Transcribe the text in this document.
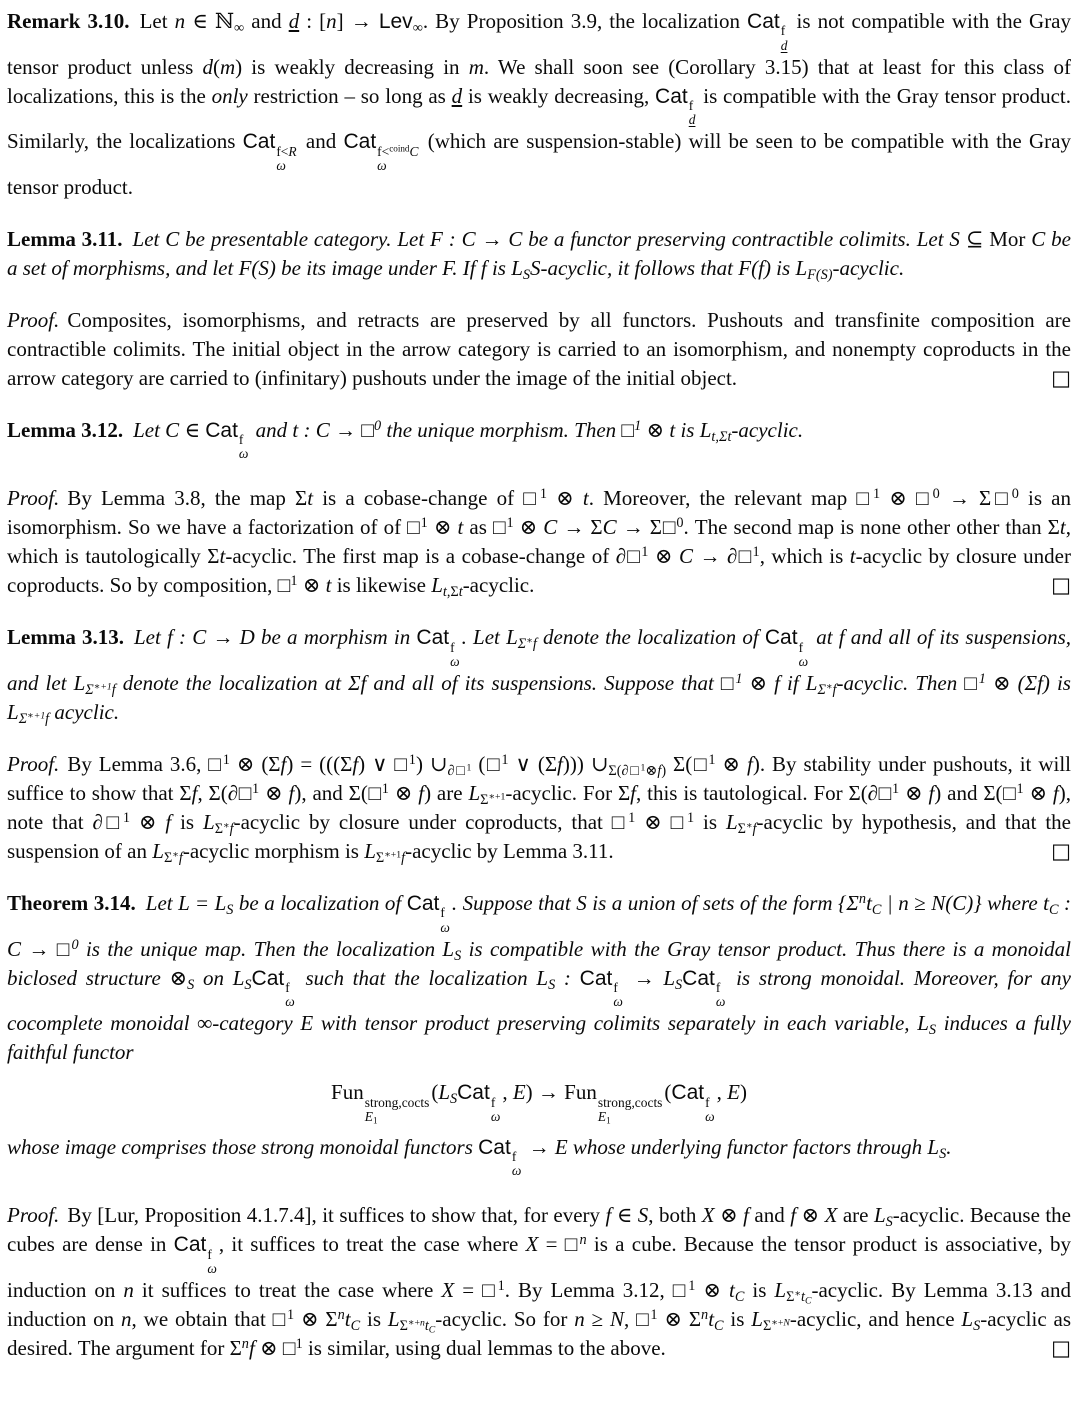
Remark 3.10. Let n ∈ ℕ$_\infty$ and d : [n] → Lev$_\infty$. By Proposition 3.9, the localization Cat f
d
is not compatible with the Gray tensor product unless d(m) is weakly decreasing in m. We shall soon see (Corollary 3.15) that at least for this class of localizations, this is the only restriction – so long as d is weakly decreasing, Cat f
d
is compatible with the Gray tensor product. Similarly, the localizations Cat f<R
ω
and Cat f<$^{coind}$C
ω
(which are suspension-stable) will be seen to be compatible with the Gray tensor product.

Lemma 3.11. Let C be presentable category. Let F : C → C be a functor preserving contractible colimits. Let S ⊆ Mor C be a set of morphisms, and let F(S) be its image under F. If f is $L_SS$-acyclic, it follows that F(f) is $L_{F(S)}$-acyclic.

Proof. Composites, isomorphisms, and retracts are preserved by all functors. Pushouts and transfinite composition are contractible colimits. The initial object in the arrow category is carried to an isomorphism, and nonempty coproducts in the arrow category are carried to (infinitary) pushouts under the image of the initial object.	□

Lemma 3.12. Let C ∈ Cat f
ω
and t : C → □$^0$ the unique morphism. Then □$^1$ ⊗ t is $L_{t,\Sigma t}$-acyclic.

Proof. By Lemma 3.8, the map Σt is a cobase-change of □$^1$ ⊗ t. Moreover, the relevant map □$^1$ ⊗ □$^0$ → Σ□$^0$ is an isomorphism. So we have a factorization of of □$^1$ ⊗ t as □$^1$ ⊗ C → ΣC → Σ□$^0$. The second map is none other other than Σt, which is tautologically Σt-acyclic. The first map is a cobase-change of ∂□$^1$ ⊗ C → ∂□$^1$, which is t-acyclic by closure under coproducts. So by composition, □$^1$ ⊗ t is likewise $L_{t,\Sigma t}$-acyclic.	□

Lemma 3.13. Let f : C → D be a morphism in Cat f
ω
. Let $L_{\Sigma^∗f}$ denote the localization of Cat f
ω
at f and all of its suspensions, and let $L_{\Sigma^{∗+1}f}$ denote the localization at Σf and all of its suspensions. Suppose that □$^1$ ⊗ f if $L_{\Sigma^∗f}$-acyclic. Then □$^1$ ⊗ (Σf) is $L_{\Sigma^{∗+1}f}$ acyclic.

Proof. By Lemma 3.6, □$^1$ ⊗ (Σf) = (((Σf) ∨ □$^1$) $\cup_{\partial□^1}$ (□$^1$ ∨ (Σf))) $\cup_{\Sigma(\partial□^1\otimes f)}$ Σ(□$^1$ ⊗ f). By stability under pushouts, it will suffice to show that Σf, Σ(∂□$^1$ ⊗ f), and Σ(□$^1$ ⊗ f) are $L_{\Sigma^{∗+1}}$-acyclic. For Σf, this is tautological. For Σ(∂□$^1$ ⊗ f) and Σ(□$^1$ ⊗ f), note that ∂□$^1$ ⊗ f is $L_{\Sigma^∗f}$-acyclic by closure under coproducts, that □$^1$ ⊗ □$^1$ is $L_{\Sigma^∗f}$-acyclic by hypothesis, and that the suspension of an $L_{\Sigma^∗f}$-acyclic morphism is $L_{\Sigma^{∗+1}f}$-acyclic by Lemma 3.11.	□

Theorem 3.14. Let $L = L_S$ be a localization of Cat f
ω
. Suppose that S is a union of sets of the form {$\Sigma^nt_C$ | n ≥ N(C)} where $t_C$ : C → □$^0$ is the unique map. Then the localization $L_S$ is compatible with the Gray tensor product. Thus there is a monoidal biclosed structure $\otimes_S$ on $L_SCat$ f
ω
such that the localization $L_S$ : Cat f
ω
→ $L_SCat$ f
ω
is strong monoidal. Moreover, for any cocomplete monoidal ∞-category E with tensor product preserving colimits separately in each variable, $L_S$ induces a fully faithful functor

Fun strong,cocts
$E_1$
($L_SCat$ f
ω
, E) → Fun strong,cocts
$E_1$
(Cat f
ω
, E)

whose image comprises those strong monoidal functors Cat f
ω
→ E whose underlying functor factors through $L_S$.

Proof. By [Lur, Proposition 4.1.7.4], it suffices to show that, for every f ∈ S, both X ⊗ f and f ⊗ X are $L_S$-acyclic. Because the cubes are dense in Cat f
ω
, it suffices to treat the case where X = □$^n$ is a cube. Because the tensor product is associative, by induction on n it suffices to treat the case where X = □$^1$. By Lemma 3.12, □$^1$ ⊗ $t_C$ is $L_{\Sigma^∗t_C}$-acyclic. By Lemma 3.13 and induction on n, we obtain that □$^1$ ⊗ $\Sigma^nt_C$ is $L_{\Sigma^{∗+n}t_C}$-acyclic. So for n ≥ N, □$^1$ ⊗ $\Sigma^nt_C$ is $L_{\Sigma^{∗+N}}$-acyclic, and hence $L_S$-acyclic as desired. The argument for $\Sigma^nf$ ⊗ □$^1$ is similar, using dual lemmas to the above.	□
